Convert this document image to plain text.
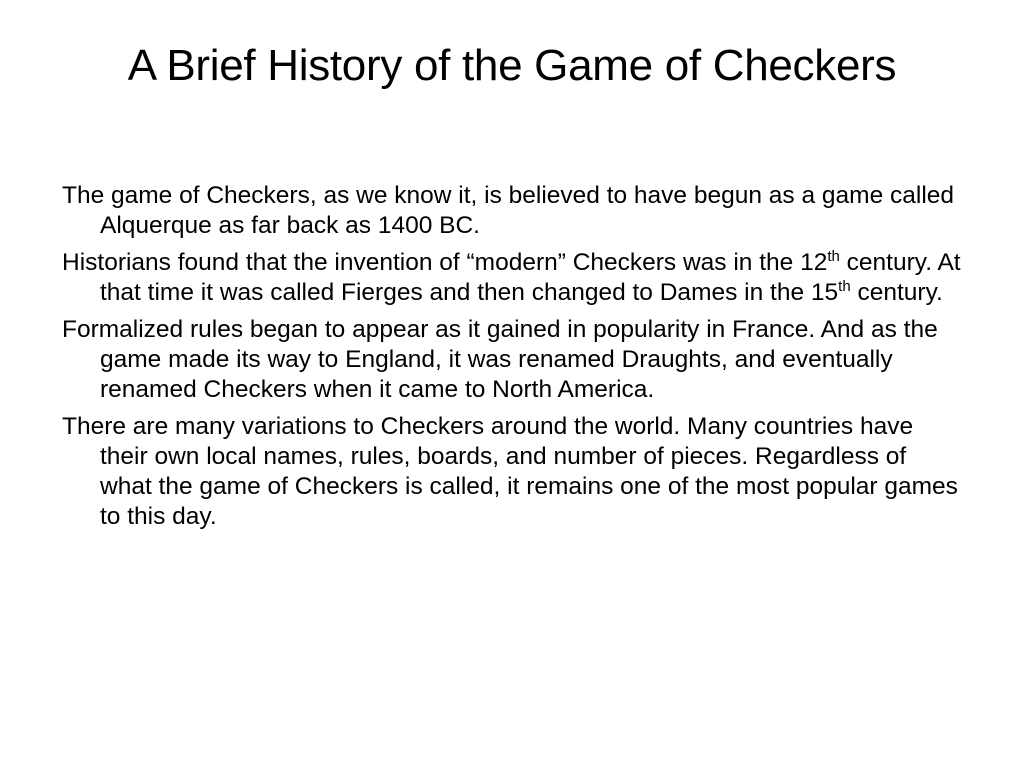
A Brief History of the Game of Checkers
The game of Checkers, as we know it, is believed to have begun as a game called Alquerque as far back as 1400 BC.
Historians found that the invention of “modern” Checkers was in the 12th century. At that time it was called Fierges and then changed to Dames in the 15th century.
Formalized rules began to appear as it gained in popularity in France. And as the game made its way to England, it was renamed Draughts, and eventually renamed Checkers when it came to North America.
There are many variations to Checkers around the world. Many countries have their own local names, rules, boards, and number of pieces. Regardless of what the game of Checkers is called, it remains one of the most popular games to this day.
